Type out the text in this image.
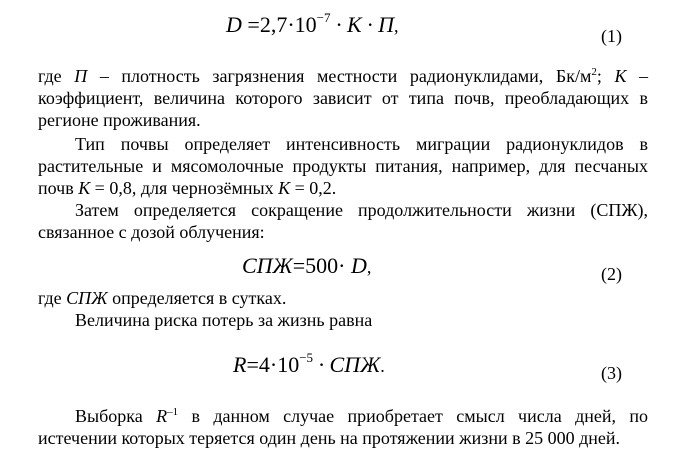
$D =2,7\cdot 10^{-7} \cdot К \cdot П$,	(1)
где П – плотность загрязнения местности радионуклидами, $Бк/м^2$; К –
коэффициент, величина которого зависит от типа почв, преобладающих в
регионе проживания.
Тип почвы определяет интенсивность миграции радионуклидов в
растительные и мясомолочные продукты питания, например, для песчаных
почв К = 0,8, для чернозёмных К = 0,2.
Затем определяется сокращение продолжительности жизни (СПЖ),
связанное с дозой облучения:
СПЖ=500· D,	(2)
где СПЖ определяется в сутках.
Величина риска потерь за жизнь равна
$R=4\cdot 10^{-5}$ · СПЖ.	(3)
Выборка $R^{-1}$ в данном случае приобретает смысл числа дней, по
истечении которых теряется один день на протяжении жизни в 25 000 дней.
